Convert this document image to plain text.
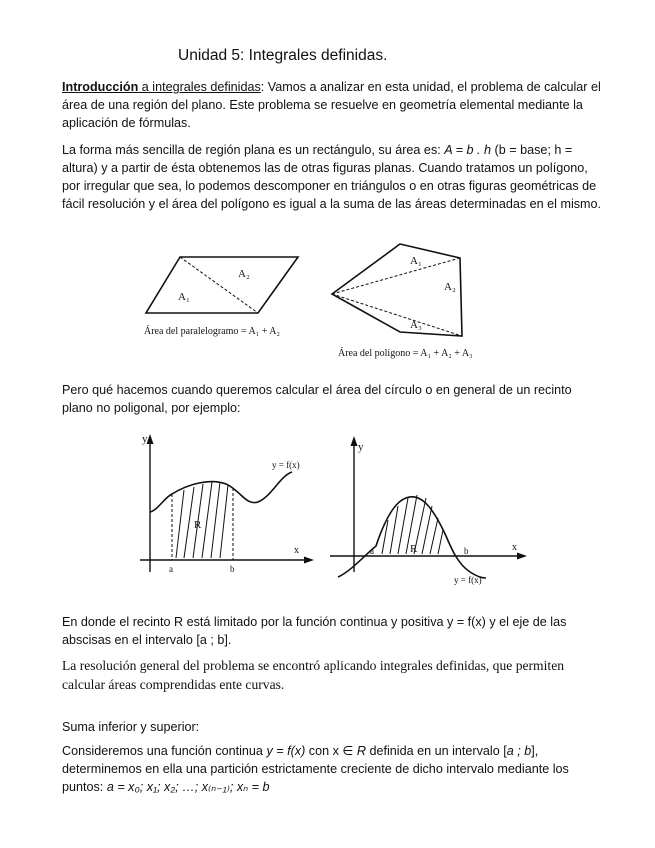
Unidad 5: Integrales definidas.
Introducción a integrales definidas: Vamos a analizar en esta unidad, el problema de calcular el área de una región del plano. Este problema se resuelve en geometría elemental mediante la aplicación de fórmulas.
La forma más sencilla de región plana es un rectángulo, su área es: A = b . h (b = base; h = altura) y a partir de ésta obtenemos las de otras figuras planas. Cuando tratamos un polígono, por irregular que sea, lo podemos descomponer en triángulos o en otras figuras geométricas de fácil resolución y el área del polígono es igual a la suma de las áreas determinadas en el mismo.
A₂
A₁
Área del paralelogramo = A₁ + A₂
A₁
A₂
A₃
Área del polígono = A₁ + A₂ + A₃
Pero qué hacemos cuando queremos calcular el área del círculo o en general de un recinto plano no poligonal, por ejemplo:
y
x
R
y = f(x)
a	b
y
x
R
a	b
y = f(x)
En donde el recinto R está limitado por la función continua y positiva y = f(x) y el eje de las abscisas en el intervalo [a ; b].
La resolución general del problema se encontró aplicando integrales definidas, que permiten calcular áreas comprendidas ente curvas.
Suma inferior y superior:
Consideremos una función continua y = f(x) con x ∈ R definida en un intervalo [a ; b], determinemos en ella una partición estrictamente creciente de dicho intervalo mediante los puntos: a = x₀; x₁; x₂; …; x₍ₙ₋₁₎; xₙ = b
